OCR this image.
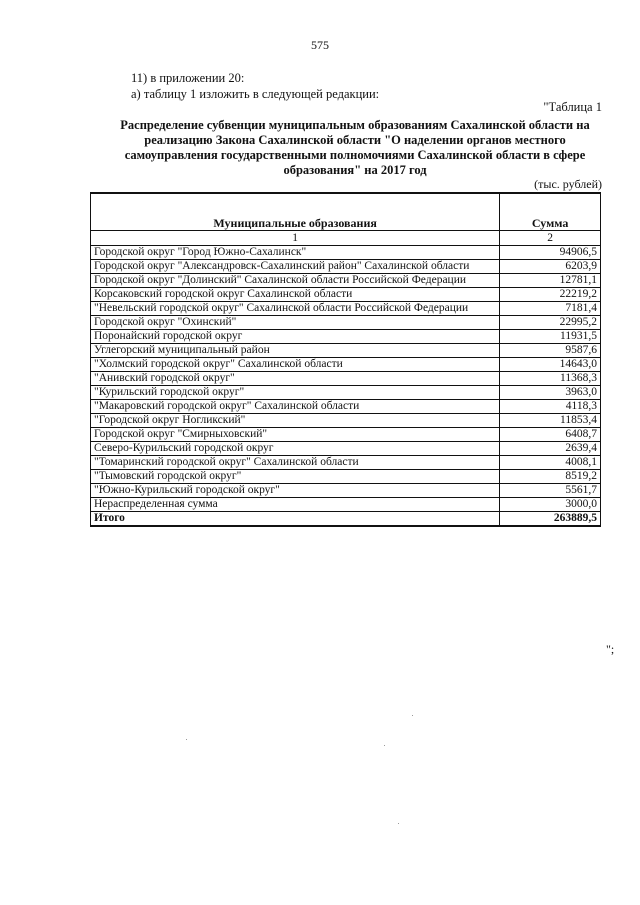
575
11) в приложении 20:
а) таблицу 1 изложить в следующей редакции:
"Таблица 1
Распределение субвенции муниципальным образованиям Сахалинской области на реализацию Закона Сахалинской области "О наделении органов местного самоуправления государственными полномочиями Сахалинской области в сфере образования" на 2017 год
(тыс. рублей)
Муниципальные образования	Сумма
1	2
Городской округ "Город Южно-Сахалинск"	94906,5
Городской округ "Александровск-Сахалинский район" Сахалинской области	6203,9
Городской округ "Долинский" Сахалинской области Российской Федерации	12781,1
Корсаковский городской округ Сахалинской области	22219,2
"Невельский городской округ" Сахалинской области Российской Федерации	7181,4
Городской округ "Охинский"	22995,2
Поронайский городской округ	11931,5
Углегорский муниципальный район	9587,6
"Холмский городской округ" Сахалинской области	14643,0
"Анивский городской округ"	11368,3
"Курильский городской округ"	3963,0
"Макаровский городской округ" Сахалинской области	4118,3
"Городской округ Ногликский"	11853,4
Городской округ "Смирныховский"	6408,7
Северо-Курильский городской округ	2639,4
"Томаринский городской округ" Сахалинской области	4008,1
"Тымовский городской округ"	8519,2
"Южно-Курильский городской округ"	5561,7
Нераспределенная сумма	3000,0
Итого	263889,5
";
